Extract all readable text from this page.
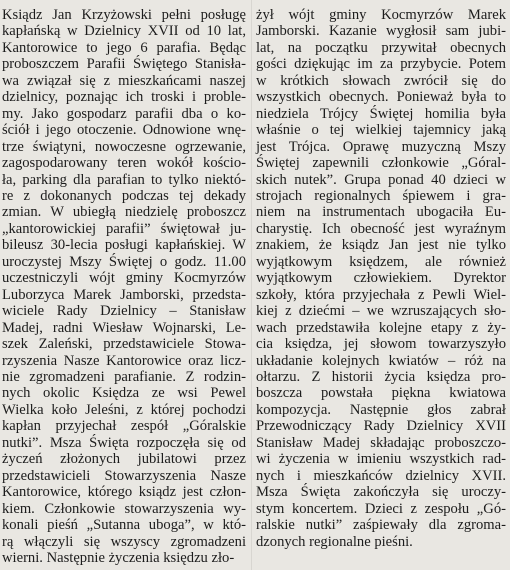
Ksiądz Jan Krzyżowski pełni posługę
kapłańską w Dzielnicy XVII od 10 lat,
Kantorowice to jego 6 parafia. Będąc
proboszczem Parafii Świętego Stanisła-
wa związał się z mieszkańcami naszej
dzielnicy, poznając ich troski i proble-
my. Jako gospodarz parafii dba o ko-
ściół i jego otoczenie. Odnowione wnę-
trze świątyni, nowoczesne ogrzewanie,
zagospodarowany teren wokół kościo-
ła, parking dla parafian to tylko niektó-
re z dokonanych podczas tej dekady
zmian. W ubiegłą niedzielę proboszcz
„kantorowickiej parafii” świętował ju-
bileusz 30-lecia posługi kapłańskiej. W
uroczystej Mszy Świętej o godz. 11.00
uczestniczyli wójt gminy Kocmyrzów
Luborzyca Marek Jamborski, przedsta-
wiciele Rady Dzielnicy – Stanisław
Madej, radni Wiesław Wojnarski, Le-
szek Zaleński, przedstawiciele Stowa-
rzyszenia Nasze Kantorowice oraz licz-
nie zgromadzeni parafianie. Z rodzin-
nych okolic Księdza ze wsi Pewel
Wielka koło Jeleśni, z której pochodzi
kapłan przyjechał zespół „Góralskie
nutki”. Msza Święta rozpoczęła się od
życzeń złożonych jubilatowi przez
przedstawicieli Stowarzyszenia Nasze
Kantorowice, którego ksiądz jest człon-
kiem. Członkowie stowarzyszenia wy-
konali pieśń „Sutanna uboga”, w któ-
rą włączyli się wszyscy zgromadzeni
wierni. Następnie życzenia księdzu zło-
żył wójt gminy Kocmyrzów Marek
Jamborski. Kazanie wygłosił sam jubi-
lat, na początku przywitał obecnych
gości dziękując im za przybycie. Potem
w krótkich słowach zwrócił się do
wszystkich obecnych. Ponieważ była to
niedziela Trójcy Świętej homilia była
właśnie o tej wielkiej tajemnicy jaką
jest Trójca. Oprawę muzyczną Mszy
Świętej zapewnili członkowie „Góral-
skich nutek”. Grupa ponad 40 dzieci w
strojach regionalnych śpiewem i gra-
niem na instrumentach ubogaciła Eu-
charystię. Ich obecność jest wyraźnym
znakiem, że ksiądz Jan jest nie tylko
wyjątkowym księdzem, ale również
wyjątkowym człowiekiem. Dyrektor
szkoły, która przyjechała z Pewli Wiel-
kiej z dziećmi – we wzruszających sło-
wach przedstawiła kolejne etapy z ży-
cia księdza, jej słowom towarzyszyło
układanie kolejnych kwiatów – róż na
ołtarzu. Z historii życia księdza pro-
boszcza powstała piękna kwiatowa
kompozycja. Następnie głos zabrał
Przewodniczący Rady Dzielnicy XVII
Stanisław Madej składając proboszczo-
wi życzenia w imieniu wszystkich rad-
nych i mieszkańców dzielnicy XVII.
Msza Święta zakończyła się uroczy-
stym koncertem. Dzieci z zespołu „Gó-
ralskie nutki” zaśpiewały dla zgroma-
dzonych regionalne pieśni.
